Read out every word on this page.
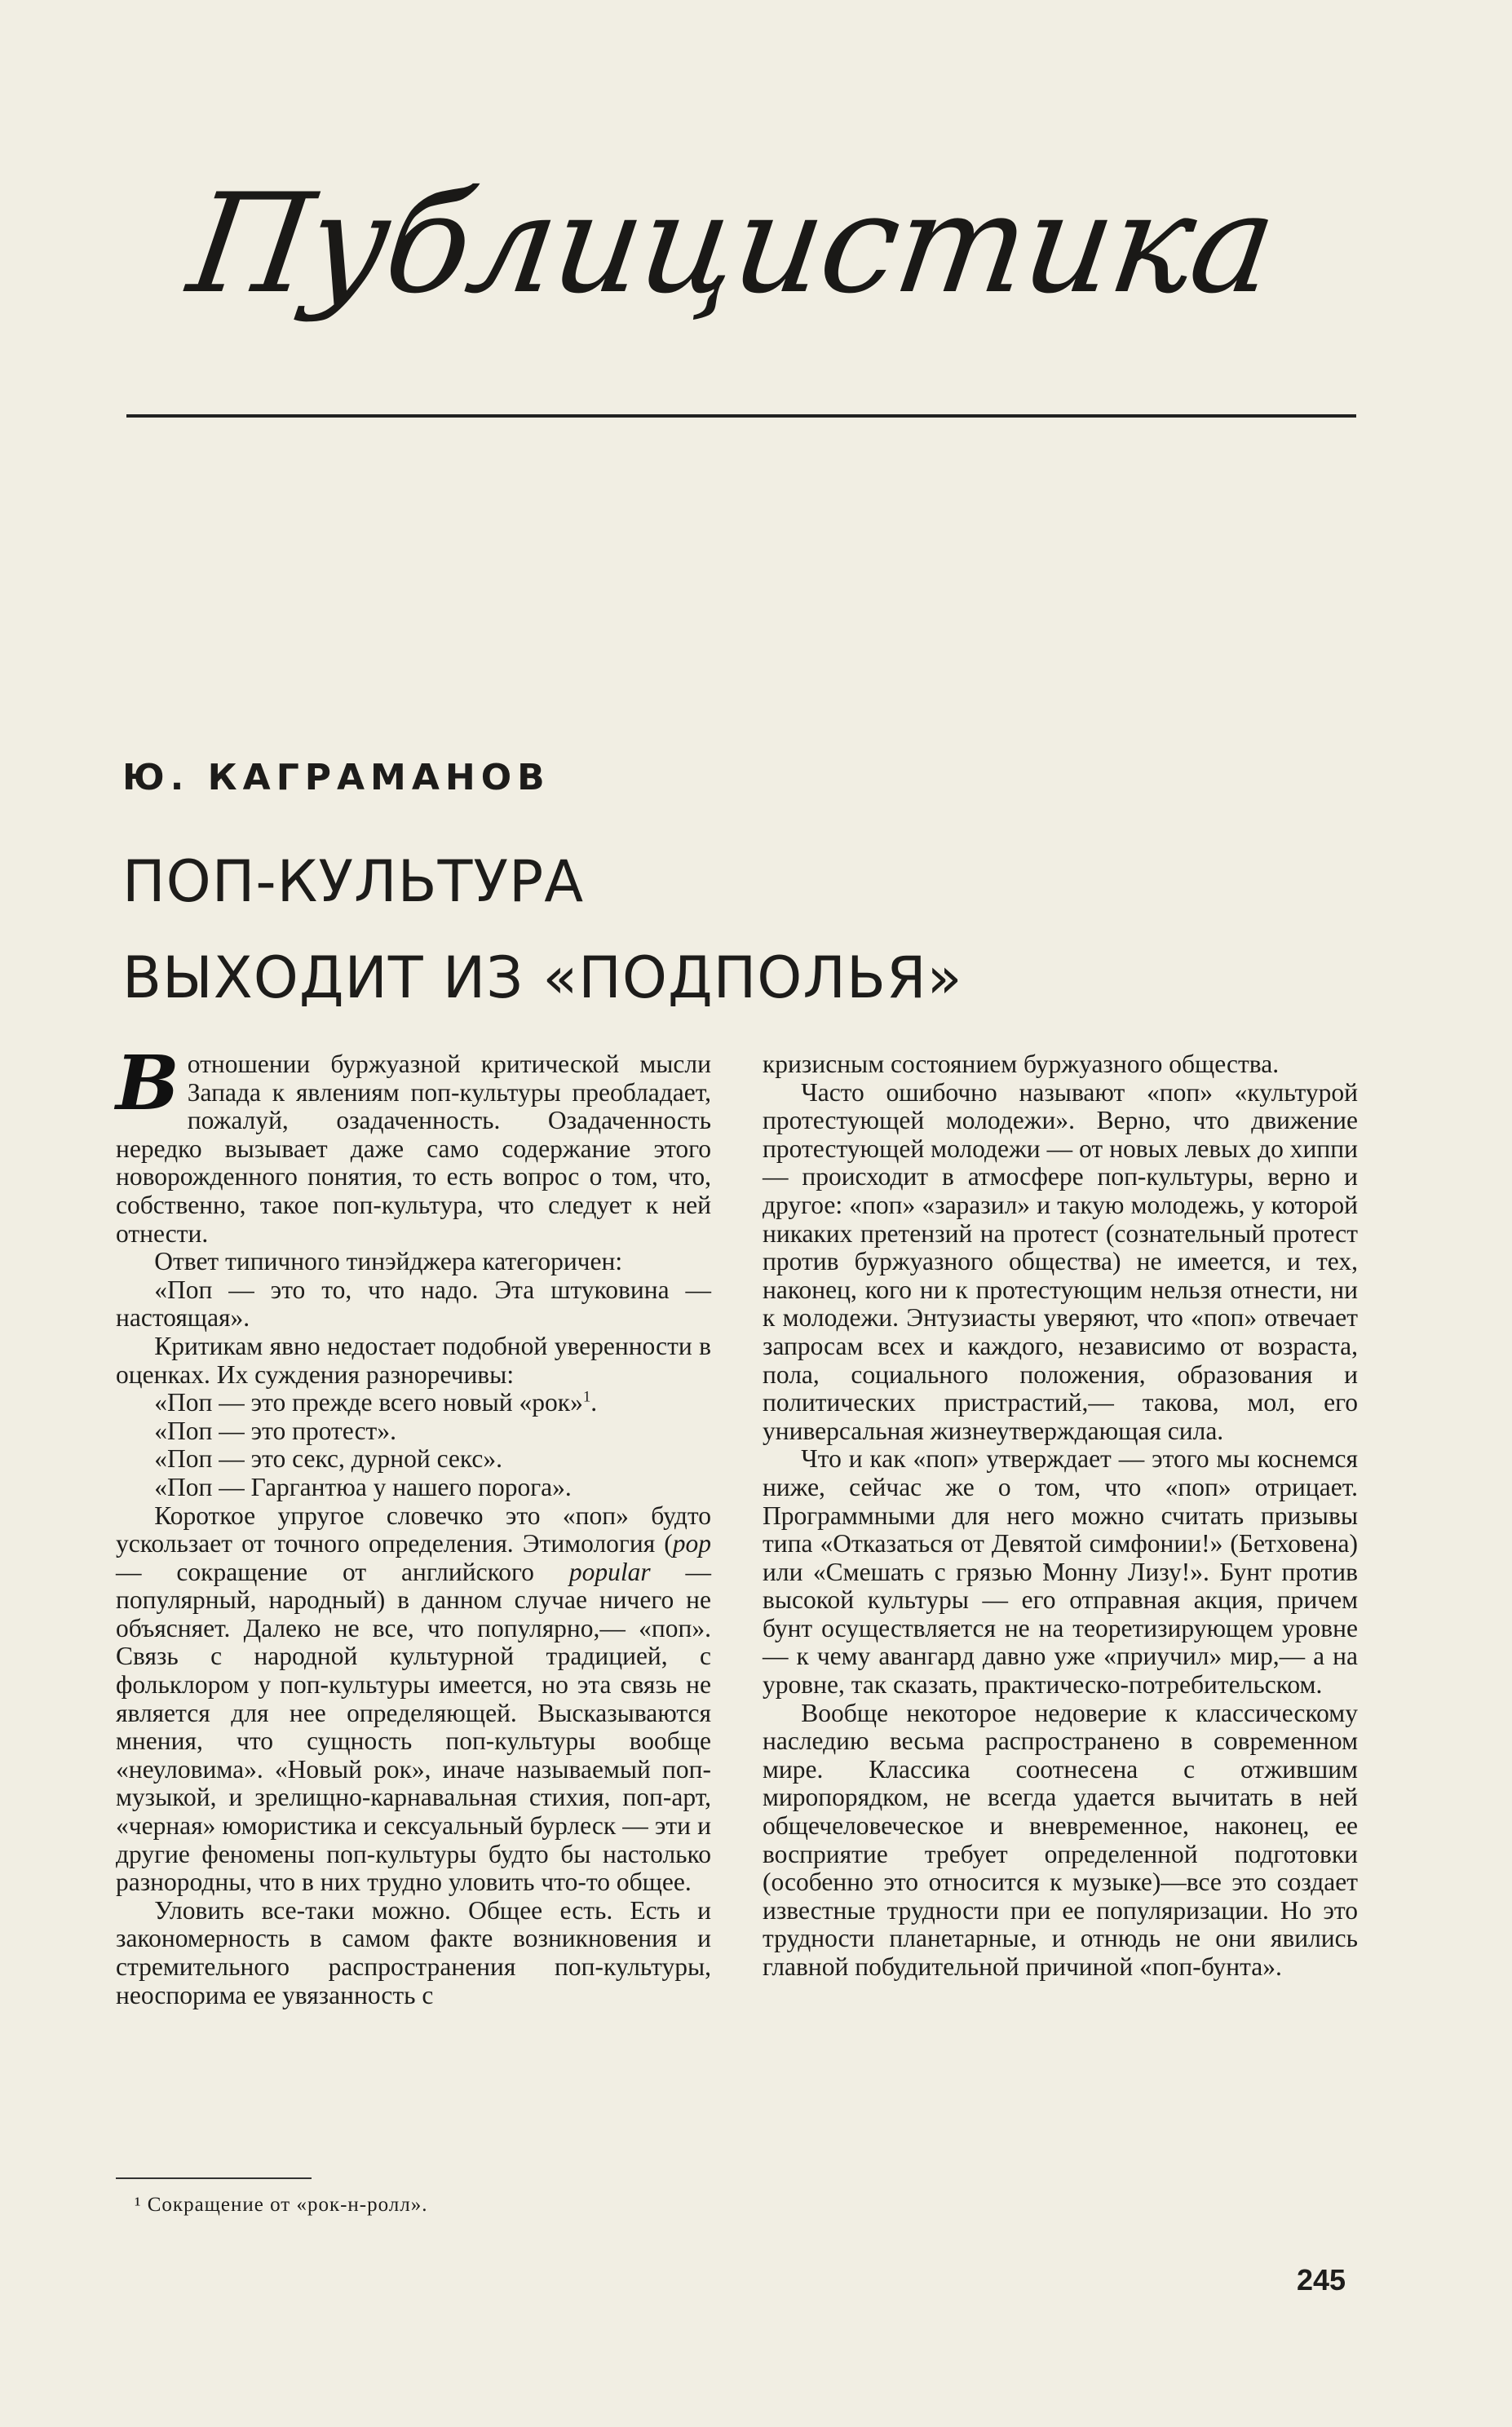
Публицистика
Ю. КАГРАМАНОВ
ПОП-КУЛЬТУРА
ВЫХОДИТ ИЗ «ПОДПОЛЬЯ»

Вотношении буржуазной критической мысли Запада к явлениям поп-культуры преобладает, пожалуй, озадаченность. Озадаченность нередко вызывает даже само содержание этого новорожденного понятия, то есть вопрос о том, что, собственно, такое поп-культура, что следует к ней отнести.

Ответ типичного тинэйджера категоричен:

«Поп — это то, что надо. Эта штуковина — настоящая».

Критикам явно недостает подобной уверенности в оценках. Их суждения разноречивы:

«Поп — это прежде всего новый «рок»$^1$.

«Поп — это протест».

«Поп — это секс, дурной секс».

«Поп — Гаргантюа у нашего порога».

Короткое упругое словечко это «поп» будто ускользает от точного определения. Этимология (pop — сокращение от английского popular — популярный, народный) в данном случае ничего не объясняет. Далеко не все, что популярно,— «поп». Связь с народной культурной традицией, с фольклором у поп-культуры имеется, но эта связь не является для нее определяющей. Высказываются мнения, что сущность поп-культуры вообще «неуловима». «Новый рок», иначе называемый поп-музыкой, и зрелищно-карнавальная стихия, поп-арт, «черная» юмористика и сексуальный бурлеск — эти и другие феномены поп-культуры будто бы настолько разнородны, что в них трудно уловить что-то общее.

Уловить все-таки можно. Общее есть. Есть и закономерность в самом факте возникновения и стремительного распространения поп-культуры, неоспорима ее увязанность с

кризисным состоянием буржуазного общества.

Часто ошибочно называют «поп» «культурой протестующей молодежи». Верно, что движение протестующей молодежи — от новых левых до хиппи — происходит в атмосфере поп-культуры, верно и другое: «поп» «заразил» и такую молодежь, у которой никаких претензий на протест (сознательный протест против буржуазного общества) не имеется, и тех, наконец, кого ни к протестующим нельзя отнести, ни к молодежи. Энтузиасты уверяют, что «поп» отвечает запросам всех и каждого, независимо от возраста, пола, социального положения, образования и политических пристрастий,— такова, мол, его универсальная жизнеутверждающая сила.

Что и как «поп» утверждает — этого мы коснемся ниже, сейчас же о том, что «поп» отрицает. Программными для него можно считать призывы типа «Отказаться от Девятой симфонии!» (Бетховена) или «Смешать с грязью Монну Лизу!». Бунт против высокой культуры — его отправная акция, причем бунт осуществляется не на теоретизирующем уровне — к чему авангард давно уже «приучил» мир,— а на уровне, так сказать, практическо-потребительском.

Вообще некоторое недоверие к классическому наследию весьма распространено в современном мире. Классика соотнесена с отжившим миропорядком, не всегда удается вычитать в ней общечеловеческое и вневременное, наконец, ее восприятие требует определенной подготовки (особенно это относится к музыке)—все это создает известные трудности при ее популяризации. Но это трудности планетарные, и отнюдь не они явились главной побудительной причиной «поп-бунта».

¹ Сокращение от «рок-н-ролл».
245
